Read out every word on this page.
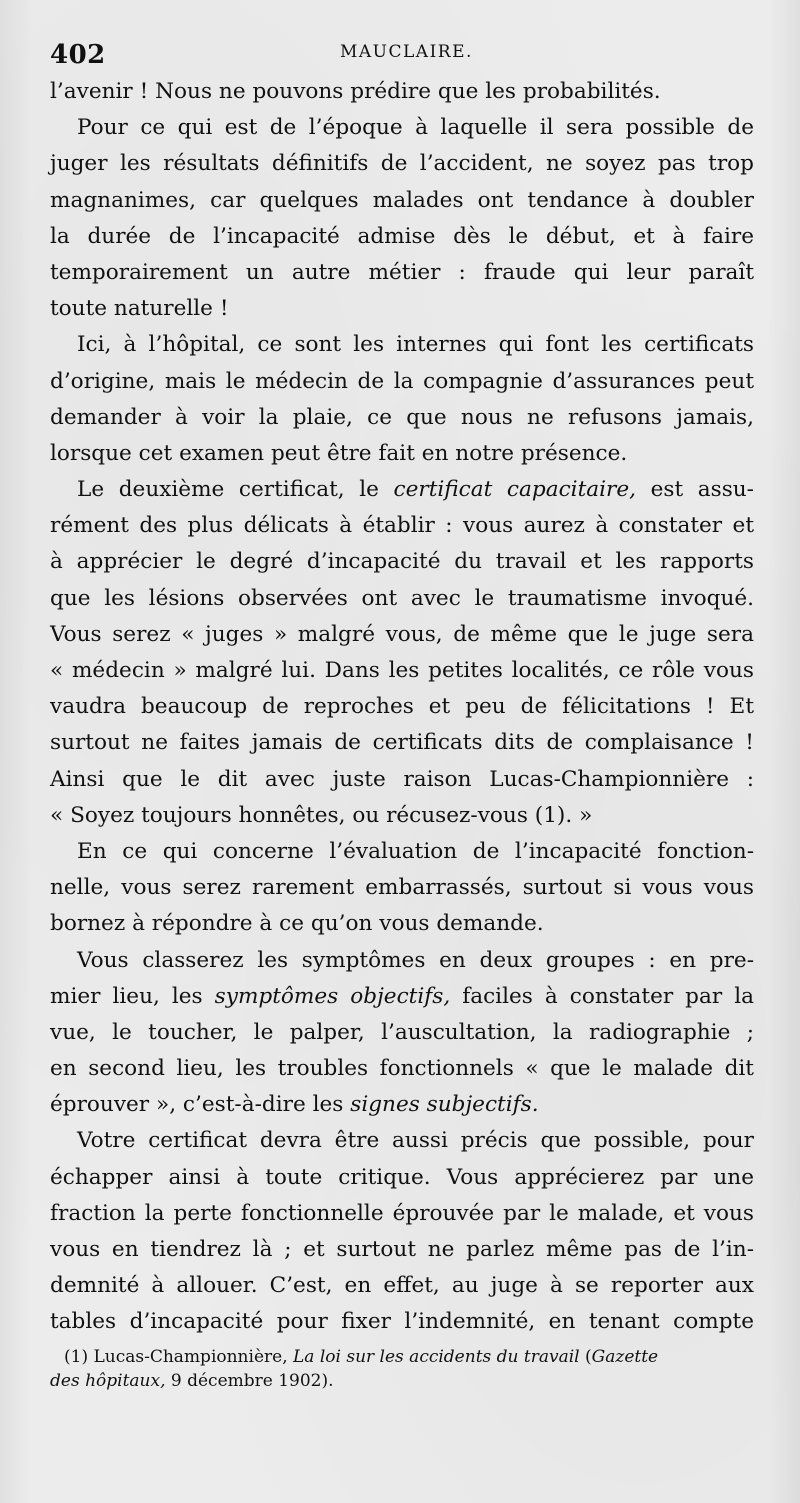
402	MAUCLAIRE.
l’avenir ! Nous ne pouvons prédire que les probabilités.
Pour ce qui est de l’époque à laquelle il sera possible de
juger les résultats définitifs de l’accident, ne soyez pas trop
magnanimes, car quelques malades ont tendance à doubler
la durée de l’incapacité admise dès le début, et à faire
temporairement un autre métier : fraude qui leur paraît
toute naturelle !
Ici, à l’hôpital, ce sont les internes qui font les certificats
d’origine, mais le médecin de la compagnie d’assurances peut
demander à voir la plaie, ce que nous ne refusons jamais,
lorsque cet examen peut être fait en notre présence.
Le deuxième certificat, le certificat capacitaire, est assu-
rément des plus délicats à établir : vous aurez à constater et
à apprécier le degré d’incapacité du travail et les rapports
que les lésions observées ont avec le traumatisme invoqué.
Vous serez « juges » malgré vous, de même que le juge sera
« médecin » malgré lui. Dans les petites localités, ce rôle vous
vaudra beaucoup de reproches et peu de félicitations ! Et
surtout ne faites jamais de certificats dits de complaisance !
Ainsi que le dit avec juste raison Lucas-Championnière :
« Soyez toujours honnêtes, ou récusez-vous (1). »
En ce qui concerne l’évaluation de l’incapacité fonction-
nelle, vous serez rarement embarrassés, surtout si vous vous
bornez à répondre à ce qu’on vous demande.
Vous classerez les symptômes en deux groupes : en pre-
mier lieu, les symptômes objectifs, faciles à constater par la
vue, le toucher, le palper, l’auscultation, la radiographie ;
en second lieu, les troubles fonctionnels « que le malade dit
éprouver », c’est-à-dire les signes subjectifs.
Votre certificat devra être aussi précis que possible, pour
échapper ainsi à toute critique. Vous apprécierez par une
fraction la perte fonctionnelle éprouvée par le malade, et vous
vous en tiendrez là ; et surtout ne parlez même pas de l’in-
demnité à allouer. C’est, en effet, au juge à se reporter aux
tables d’incapacité pour fixer l’indemnité, en tenant compte
(1) Lucas-Championnière, La loi sur les accidents du travail (Gazette
des hôpitaux, 9 décembre 1902).
